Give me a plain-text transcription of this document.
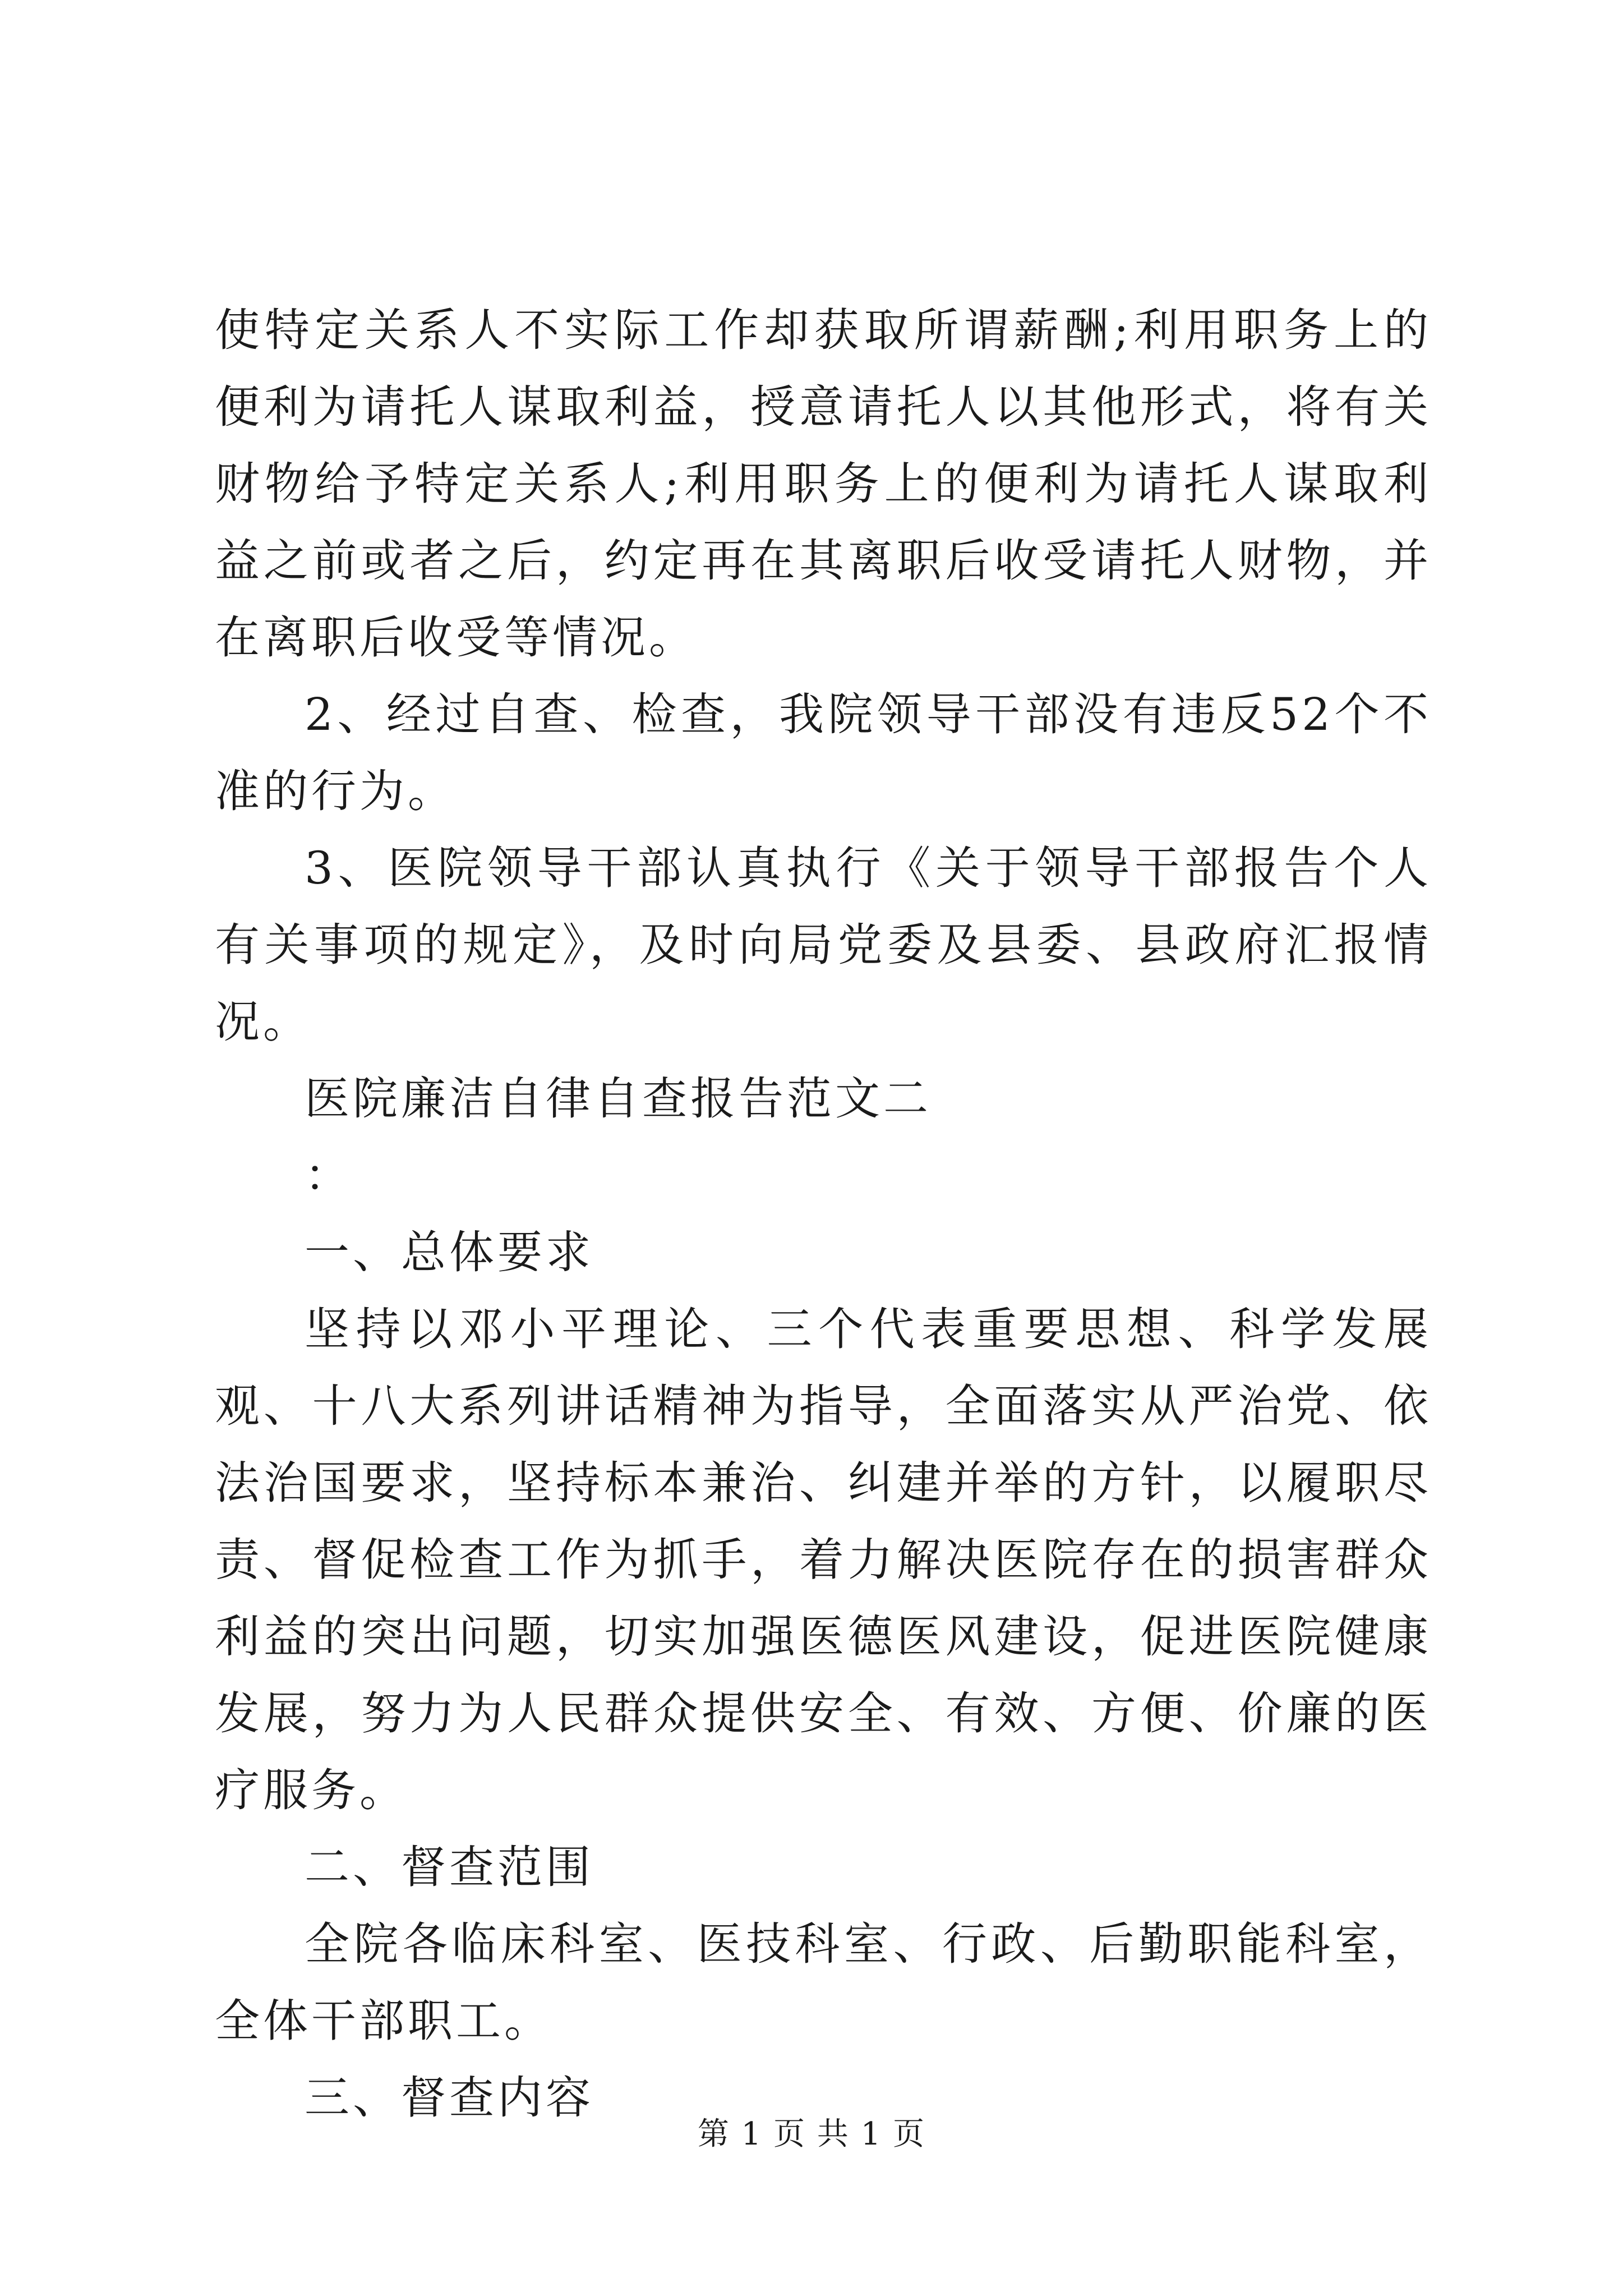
使特定关系人不实际工作却获取所谓薪酬;利用职务上的便利为请托人谋取利益，授意请托人以其他形式，将有关财物给予特定关系人;利用职务上的便利为请托人谋取利益之前或者之后，约定再在其离职后收受请托人财物，并在离职后收受等情况。

2、经过自查、检查，我院领导干部没有违反52个不准的行为。

3、医院领导干部认真执行《关于领导干部报告个人有关事项的规定》，及时向局党委及县委、县政府汇报情况。

医院廉洁自律自查报告范文二

：

一、总体要求

坚持以邓小平理论、三个代表重要思想、科学发展观、十八大系列讲话精神为指导，全面落实从严治党、依法治国要求，坚持标本兼治、纠建并举的方针，以履职尽责、督促检查工作为抓手，着力解决医院存在的损害群众利益的突出问题，切实加强医德医风建设，促进医院健康发展，努力为人民群众提供安全、有效、方便、价廉的医疗服务。

二、督查范围

全院各临床科室、医技科室、行政、后勤职能科室，全体干部职工。

三、督查内容

第 1 页 共 1 页
